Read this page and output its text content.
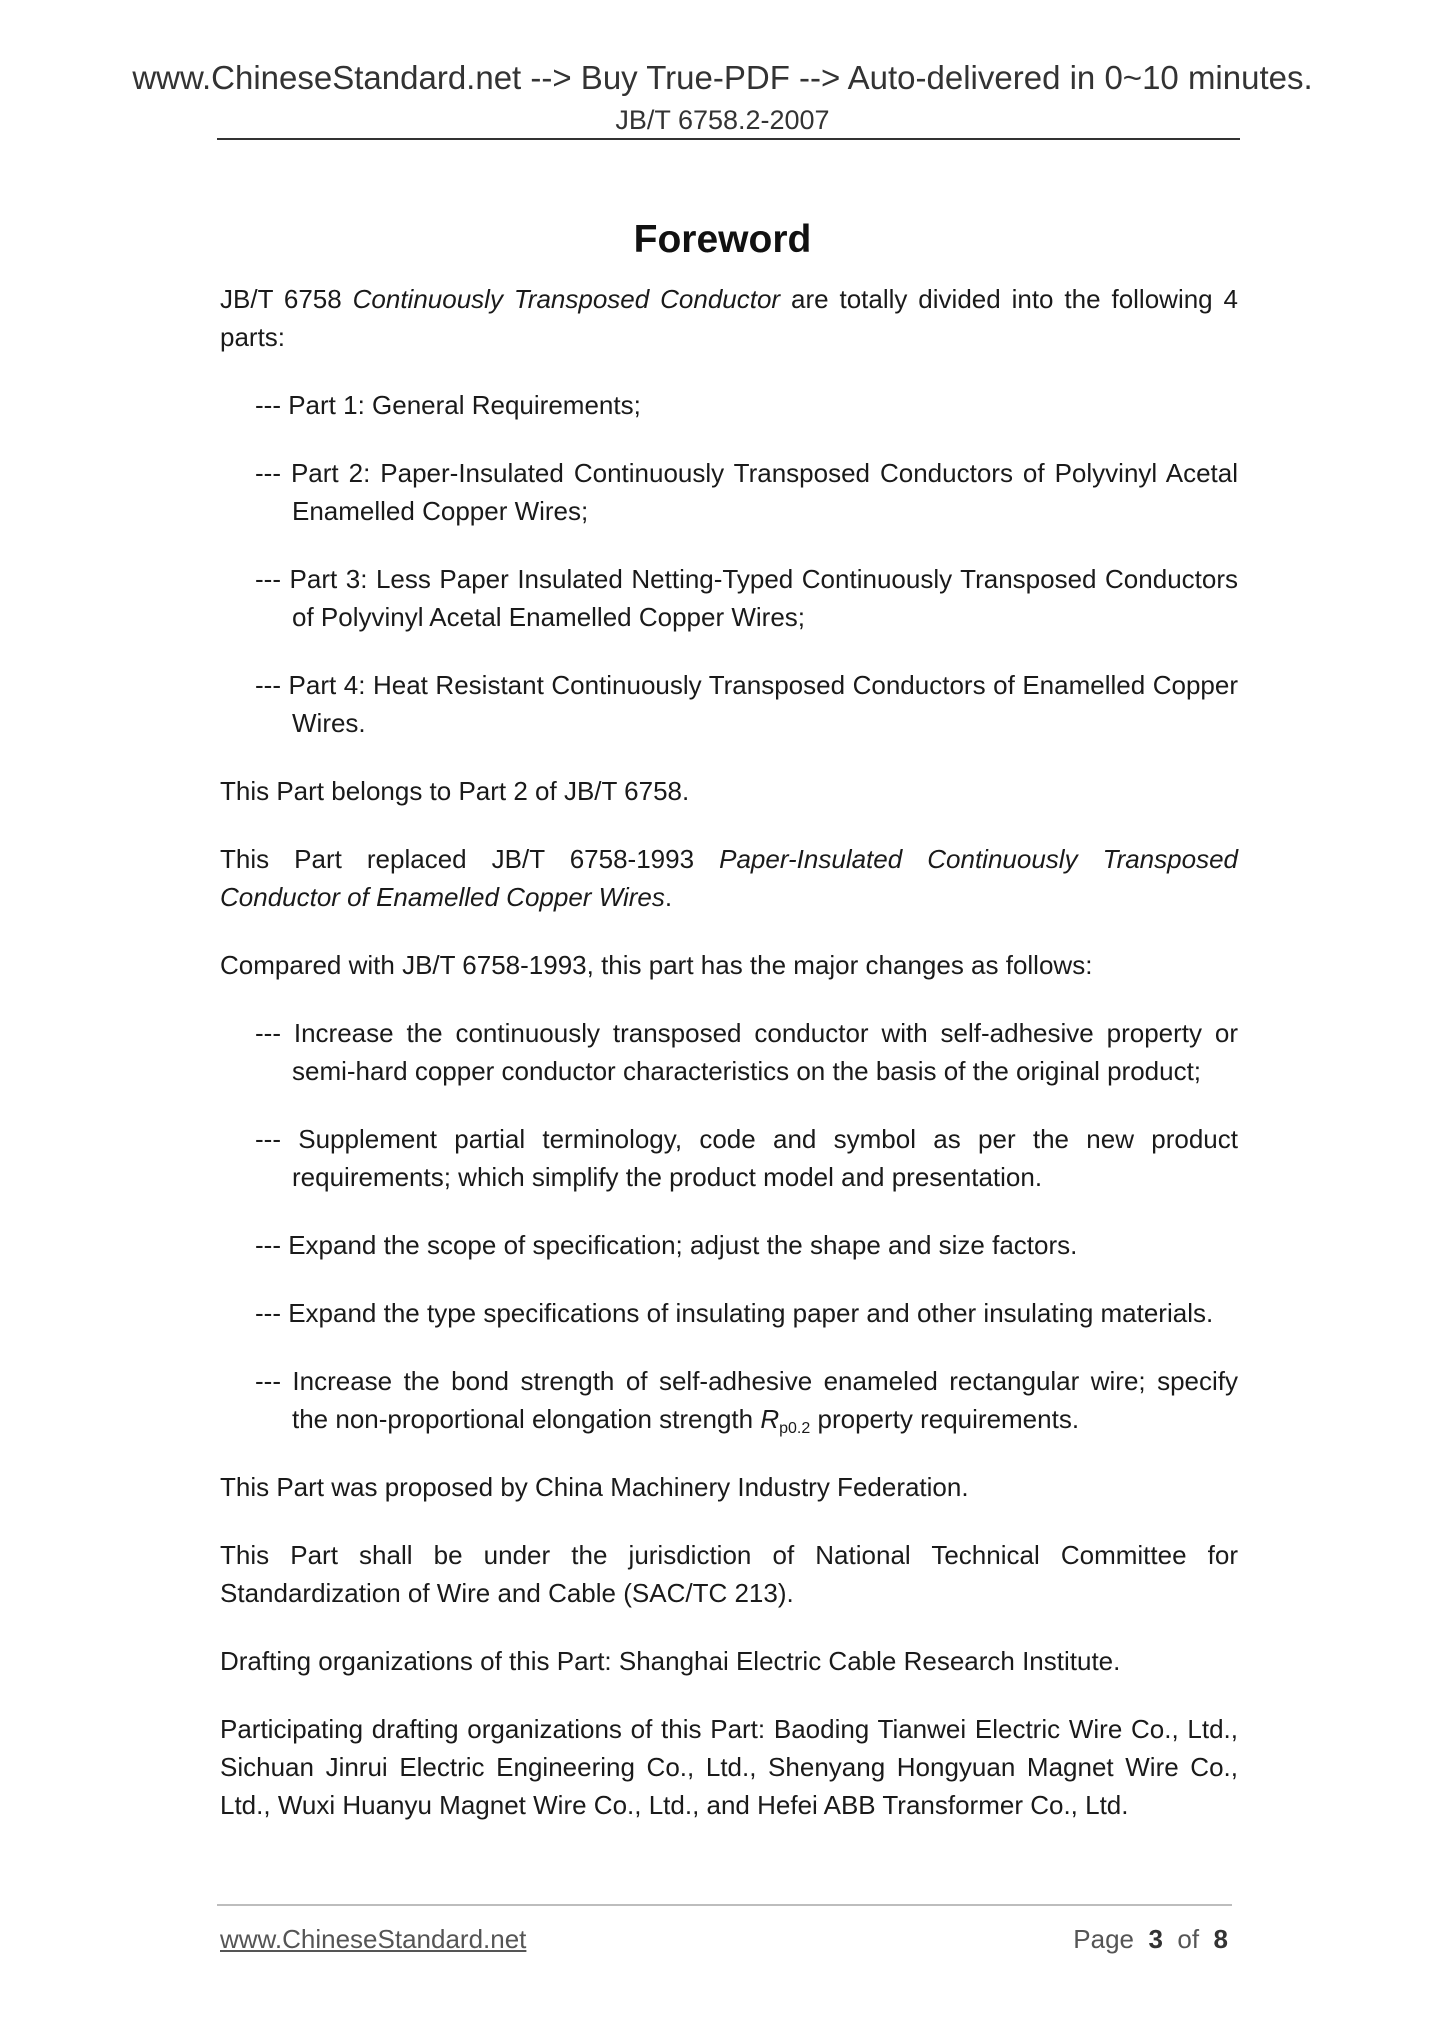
www.ChineseStandard.net --> Buy True-PDF --> Auto-delivered in 0~10 minutes.
JB/T 6758.2-2007
Foreword

JB/T 6758 Continuously Transposed Conductor are totally divided into the following 4 parts:

--- Part 1: General Requirements;

--- Part 2: Paper-Insulated Continuously Transposed Conductors of Polyvinyl Acetal Enamelled Copper Wires;

--- Part 3: Less Paper Insulated Netting-Typed Continuously Transposed Conductors of Polyvinyl Acetal Enamelled Copper Wires;

--- Part 4: Heat Resistant Continuously Transposed Conductors of Enamelled Copper Wires.

This Part belongs to Part 2 of JB/T 6758.

This Part replaced JB/T 6758-1993 Paper-Insulated Continuously Transposed Conductor of Enamelled Copper Wires.

Compared with JB/T 6758-1993, this part has the major changes as follows:

--- Increase the continuously transposed conductor with self-adhesive property or semi-hard copper conductor characteristics on the basis of the original product;

--- Supplement partial terminology, code and symbol as per the new product requirements; which simplify the product model and presentation.

--- Expand the scope of specification; adjust the shape and size factors.

--- Expand the type specifications of insulating paper and other insulating materials.

--- Increase the bond strength of self-adhesive enameled rectangular wire; specify the non-proportional elongation strength $R_{p0.2}$ property requirements.

This Part was proposed by China Machinery Industry Federation.

This Part shall be under the jurisdiction of National Technical Committee for Standardization of Wire and Cable (SAC/TC 213).

Drafting organizations of this Part: Shanghai Electric Cable Research Institute.

Participating drafting organizations of this Part: Baoding Tianwei Electric Wire Co., Ltd., Sichuan Jinrui Electric Engineering Co., Ltd., Shenyang Hongyuan Magnet Wire Co., Ltd., Wuxi Huanyu Magnet Wire Co., Ltd., and Hefei ABB Transformer Co., Ltd.

www.ChineseStandard.net	Page 3 of 8
